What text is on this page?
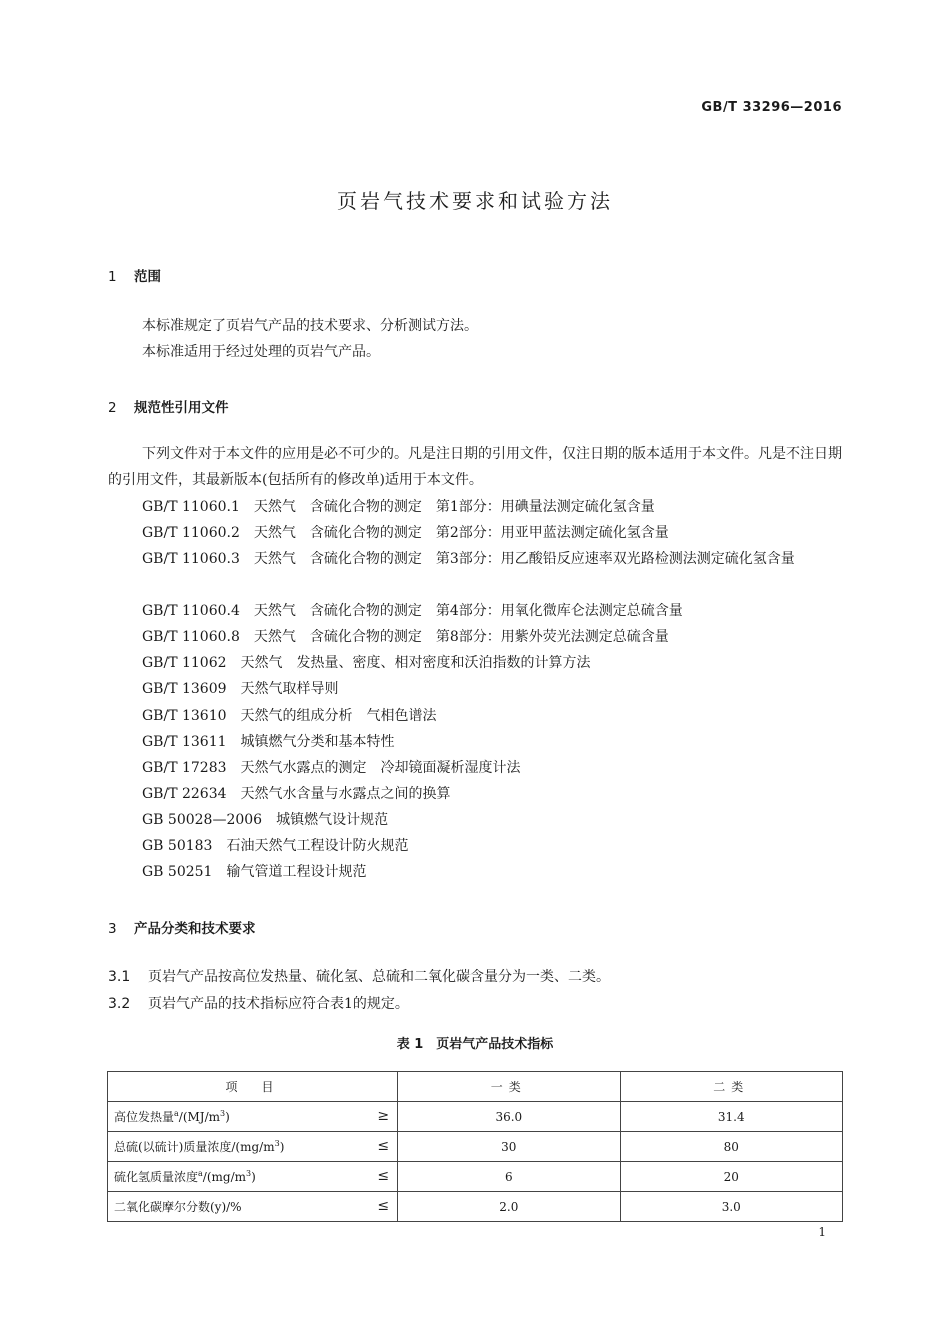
GB/T 33296—2016
页岩气技术要求和试验方法
1 范围
本标准规定了页岩气产品的技术要求、分析测试方法。
本标准适用于经过处理的页岩气产品。
2 规范性引用文件
下列文件对于本文件的应用是必不可少的。凡是注日期的引用文件，仅注日期的版本适用于本文件。凡是不注日期的引用文件，其最新版本(包括所有的修改单)适用于本文件。
GB/T 11060.1　天然气　含硫化合物的测定　第1部分：用碘量法测定硫化氢含量
GB/T 11060.2　天然气　含硫化合物的测定　第2部分：用亚甲蓝法测定硫化氢含量
GB/T 11060.3　天然气　含硫化合物的测定　第3部分：用乙酸铅反应速率双光路检测法测定硫化氢含量
GB/T 11060.4　天然气　含硫化合物的测定　第4部分：用氧化微库仑法测定总硫含量
GB/T 11060.8　天然气　含硫化合物的测定　第8部分：用紫外荧光法测定总硫含量
GB/T 11062　天然气　发热量、密度、相对密度和沃泊指数的计算方法
GB/T 13609　天然气取样导则
GB/T 13610　天然气的组成分析　气相色谱法
GB/T 13611　城镇燃气分类和基本特性
GB/T 17283　天然气水露点的测定　冷却镜面凝析湿度计法
GB/T 22634　天然气水含量与水露点之间的换算
GB 50028—2006　城镇燃气设计规范
GB 50183　石油天然气工程设计防火规范
GB 50251　输气管道工程设计规范
3 产品分类和技术要求
3.1 页岩气产品按高位发热量、硫化氢、总硫和二氧化碳含量分为一类、二类。
3.2 页岩气产品的技术指标应符合表1的规定。
表 1　页岩气产品技术指标
项　目	一类	二类
高位发热量$^a/(MJ/m^3)$ ≥	36.0	31.4
总硫(以硫计)质量浓度$/(mg/m^3)$ ≤	30	80
硫化氢质量浓度$^a/(mg/m^3)$ ≤	6	20
二氧化碳摩尔分数(y)/% ≤	2.0	3.0
1
